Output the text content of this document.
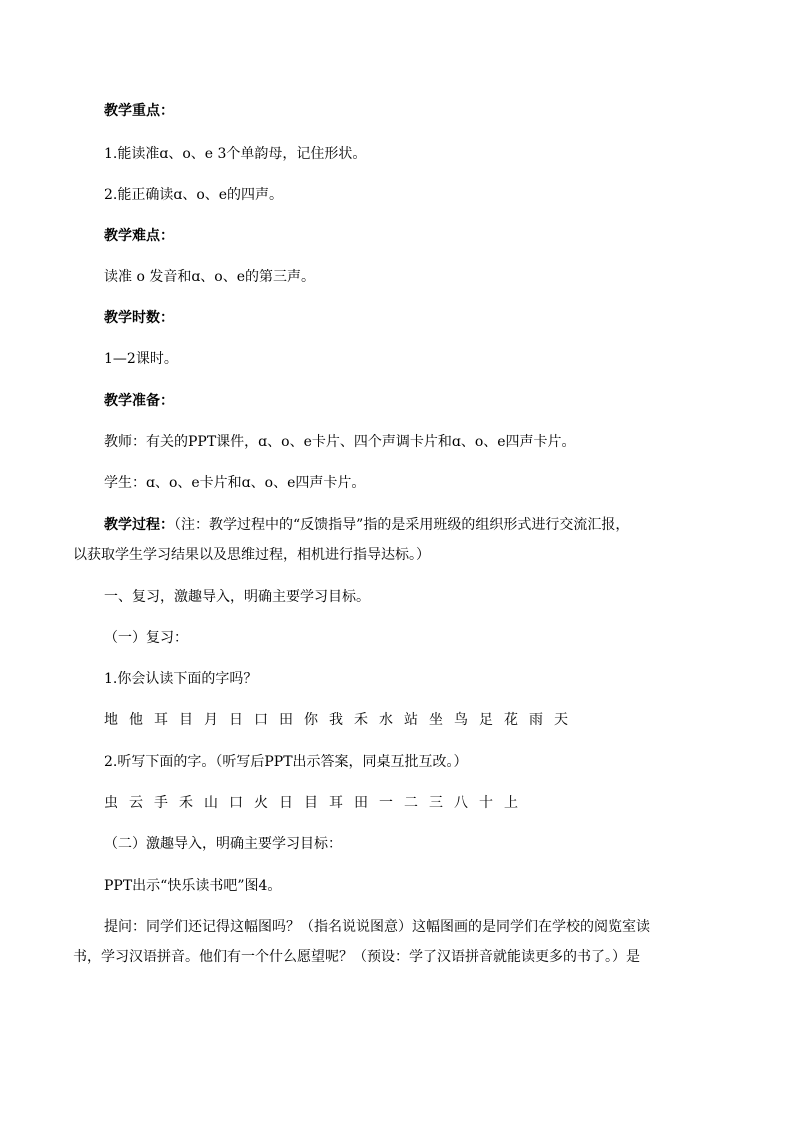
教学重点：
1.能读准ɑ、o、e 3个单韵母，记住形状。
2.能正确读ɑ、o、e的四声。
教学难点：
读准 o 发音和ɑ、o、e的第三声。
教学时数：
1—2课时。
教学准备：
教师：有关的PPT课件，ɑ、o、e卡片、四个声调卡片和ɑ、o、e四声卡片。
学生：ɑ、o、e卡片和ɑ、o、e四声卡片。
教学过程：（注：教学过程中的“反馈指导”指的是采用班级的组织形式进行交流汇报，
以获取学生学习结果以及思维过程，相机进行指导达标。）
一、复习，激趣导入，明确主要学习目标。
（一）复习：
1.你会认读下面的字吗？
地 他 耳 目 月 日 口 田 你 我 禾 水 站 坐 鸟 足 花 雨 天
2.听写下面的字。（听写后PPT出示答案，同桌互批互改。）
虫 云 手 禾 山 口 火 日 目 耳 田 一 二 三 八 十 上
（二）激趣导入，明确主要学习目标：
PPT出示“快乐读书吧”图4。
提问：同学们还记得这幅图吗？（指名说说图意）这幅图画的是同学们在学校的阅览室读
书，学习汉语拼音。他们有一个什么愿望呢？（预设：学了汉语拼音就能读更多的书了。）是
